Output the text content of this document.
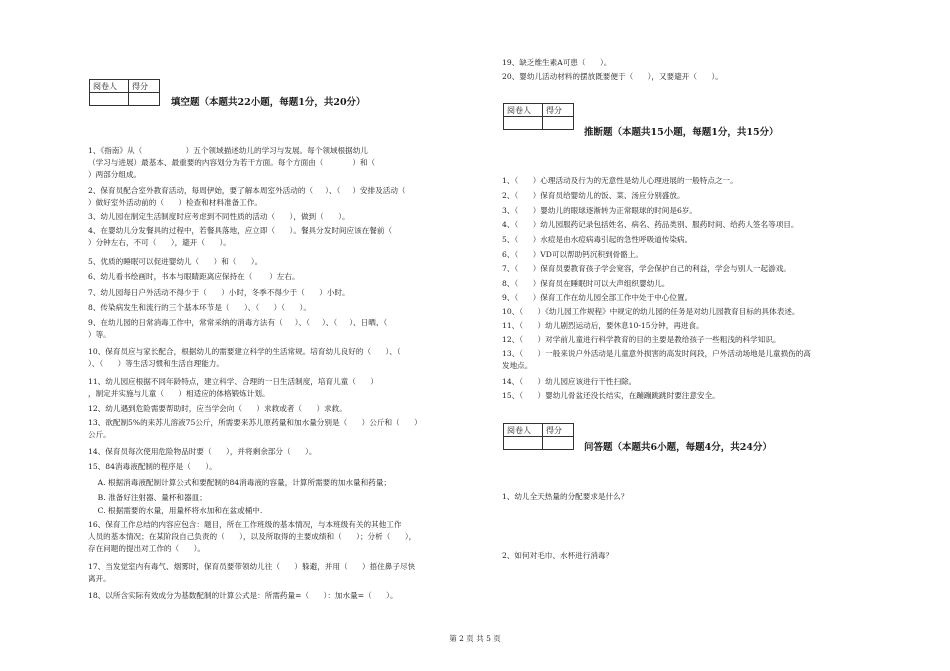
阅卷人	得分

填空题（本题共22小题，每题1分，共20分）
1、《指南》从（                  ）五个领域描述幼儿的学习与发展。每个领域根据幼儿
（学习与进展）最基本、最重要的内容划分为若干方面。每个方面由（            ）和（
）两部分组成。
2、保育员配合室外教育活动，每周伊始，要了解本周室外活动的（     ）、（     ）安排及活动（
）做好室外活动前的（      ）检查和材料准备工作。
3、幼儿园在制定生活制度时应考虑到不同性质的活动（      ），做到（      ）。
4、在婴幼儿分发餐具的过程中，若餐具落地，应立即（      ）。餐具分发时间应该在餐前（
）分钟左右，不可（      ），避开（      ）。
5、优质的睡眠可以促进婴幼儿（      ）和（      ）。
6、幼儿看书绘画时，书本与眼睛距离应保持在（       ）左右。
7、幼儿园每日户外活动不得少于（      ）小时，冬季不得少于（      ）小时。
8、传染病发生和流行的三个基本环节是（      ）、（      ）（      ）。
9、在幼儿园的日常消毒工作中，常常采纳的消毒方法有（     ）、（     ）、（     ）、日晒、（
）等。
10、保育员应与家长配合，根据幼儿的需要建立科学的生活常规。培育幼儿良好的（      ）、（
）、（      ）等生活习惯和生活自理能力。
11、幼儿园应根据不同年龄特点，建立科学、合理的一日生活制度，培育儿童（      ）
，制定并实施与儿童（      ）相适应的体格锻炼计划。
12、幼儿遇到危险需要帮助时，应当学会向（      ）求救或者（      ）求救。
13、欲配制5%的来苏儿溶液75公斤，所需要来苏儿原药量和加水量分别是（      ）公斤和（      ）
公斤。
14、保育员每次使用危险物品时要（      ），并将剩余部分（      ）。
15、84消毒液配制的程序是（      ）。
A. 根据消毒液配制计算公式和要配制的84消毒液的容量，计算所需要的加水量和药量；
B. 准备好注射器、量杯和器皿；
C. 根据需要的水量，用量杯将水加和在盆或桶中.
16、保育工作总结的内容应包含：题目，所在工作班级的基本情况，与本班级有关的其他工作
人员的基本情况；在某阶段自己负责的（      ），以及所取得的主要成绩和（      ）；分析（      ），
存在问题的提出对工作的（      ）。
17、当发觉室内有毒气、烟雾时，保育员要带领幼儿往（      ）躲避，并用（      ）捂住鼻子尽快
离开。
18、以所含实际有效成分为基数配制的计算公式是：所需药量=（      ）：加水量=（      ）。
19、缺乏维生素A可患（      ）。
20、婴幼儿活动材料的摆放既要便于（      ），又要避开（      ）。
阅卷人	得分

推断题（本题共15小题，每题1分，共15分）
1、（      ）心理活动及行为的无意性是幼儿心理进展的一般特点之一。
2、（      ）保育员给婴幼儿的饭、菜、汤应分别盛放。
3、（      ）婴幼儿的眼球逐渐转为正常眼球的时间是6岁。
4、（      ）幼儿园服药记录包括姓名、病名、药品类别、服药时间、给药人签名等项目。
5、（      ）水痘是由水痘病毒引起的急性呼吸道传染病。
6、（      ）VD可以帮助钙沉积到骨骼上。
7、（      ）保育员要教育孩子学会宽容，学会保护自己的利益，学会与别人一起游戏。
8、（      ）保育员在睡眠时可以大声组织婴幼儿。
9、（      ）保育工作在幼儿园全部工作中处于中心位置。
10、（      ）《幼儿园工作规程》中规定的幼儿园的任务是对幼儿园教育目标的具体表述。
11、（      ）幼儿剧烈运动后，要休息10-15分钟，再进食。
12、（      ）对学前儿童进行科学教育的目的主要是教给孩子一些粗浅的科学知识。
13、（      ）一般来说户外活动是儿童意外损害的高发时间段，户外活动场地是儿童损伤的高
发地点。
14、（      ）幼儿园应该进行干性扫除。
15、（      ）婴幼儿骨盆还没长结实，在蹦蹦跳跳时要注意安全。
阅卷人	得分

问答题（本题共6小题，每题4分，共24分）
1、幼儿全天热量的分配要求是什么？
2、如何对毛巾、水杯进行消毒？
第 2 页 共 5 页
